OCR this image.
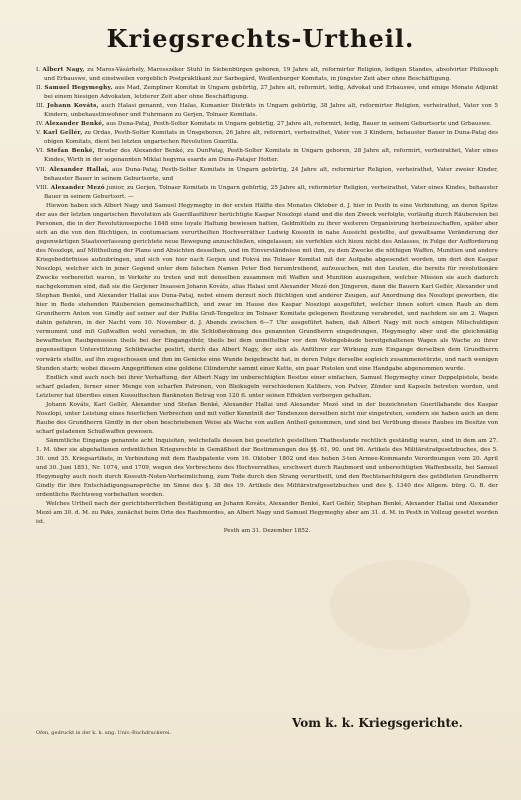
Kriegsrechts-Urtheil.

I. Albert Nagy, zu Maros-Vásárhely, Marosszéker Stuhl in Siebenbürgen geboren, 19 Jahre alt, reformirter Religion, ledigen Standes, absolvirter Philosoph und Erbauswe, und einstweilen vorgeblich Postpraktikant zur Sarbogárd, Weißenburger Komitats, in jüngster Zeit aber ohne Beschäftigung.

II. Samuel Hegymeghy, aus Mad, Zempliner Komitat in Ungarn gebürtig, 27 Jahre alt, reformirt, ledig, Advokat und Erbauswe, und einige Monate Adjunkt bei einem hiesigen Advokaten, letzterer Zeit aber ohne Beschäftigung.

III. Johann Kováts, auch Halasi genannt, von Halas, Kumanier Distrikts in Ungarn gebürtig, 38 Jahre alt, reformirter Religion, verheirathet, Vater von 5 Kindern, unbehaustinwohner und Fuhrmann zu Gerjen, Tolnaer Komitats.

IV. Alexander Benké, aus Duna-Pataj, Pesth-Solter Komitats in Ungarn gebürtig, 27 Jahre alt, reformirt, ledig, Bauer in seinem Geburtsorte und Grbauswe.

V. Karl Gellér, zu Ordas, Pesth-Solter Komitats in Unsgeboren, 26 Jahre alt, reformirt, verheirathet, Vater von 3 Kindern, behauster Bauer in Duna-Pataj des obigen Komitats, dient bei letzten ungarischen Revolution Guerilla.

VI. Stefan Benké, Bruder des Alexander Benké, zu DunPataj, Pesth-Solter Komitats in Ungarn geboren, 28 Jahre alt, reformirt, verheirathet, Vater eines Kindes, Wirth in der sogenannten Miklai hegyma esards am Duna-Patajer Hotter.

VII. Alexander Hallai, aus Duna-Pataj, Pesth-Solter Komitats in Ungarn gebürtig, 24 Jahre alt, reformirter Religion, verheirathet, Vater zweier Kinder, behauster Bauer in seinem Geburtsorte, und

VIII. Alexander Mezó junior, zu Gerjen, Tolnaer Komitats in Ungarn gebürtig, 25 Jahre alt, reformirter Religion, verheirathet, Vater eines Kindes, behauster Bauer in seinem Geburtsort. —

Hiewon haben sich Albert Nagy und Samuel Hegymeghy in der ersten Hälfte des Monates Oktober d. J. hier in Pesth in eine Verbindung, an deren Spitze der aus der letzten ungarischen Revolution als Guerillasführer berüchtigte Kaspar Noszlopi stand und die den Zweck verfolgte, vorläufig durch Räubereien bei Personen, die in der Revolutionsepoche 1848 eine loyale Haltung bewiesen hatten, Geldmitteln zu ihrer weiteren Organisirung herbeizuschaffen, später aber sich an die von den flüchtigen, in contumaciam verurtheilten Hochverräther Ludwig Kossuth in nahe Aussicht gestellte, auf gewaltsame Veränderung der gegenwärtigen Staatsverfassung gerichtete neue Bewegung anzuschließen, eingelassen; sie verfehlen sich hiezu nicht des Anlasses, in Folge der Aufforderung des Noszlopi, auf Mittheilung der Plane und Absichten desselben, und im Einverständnisse mit ihm, zu dem Zwecke die nöthigen Waffen, Munition und andere Kriegsbedürfnisse aufzubringen, und sich von hier nach Gerjen und Fokvá ins Tolnaer Komitat mit der Aufgabe abgesendet worden, um dort den Kaspar Noszlopi, welcher sich in jener Gegend unter dem falschen Namen Peter Bod herumtreibend, aufzusuchen, mit den Leuten, die bereits für revolutionäre Zwecke vorbereitet waren, in Verkehr zu treten und mit denselben zusammen mit Waffen und Munition auszugehen, welcher Mission sie auch dadurch nachgekommen sind, daß sie die Gerjener Insassen Johann Kováts, alias Halasi und Alexander Mezó den Jüngeren, dann die Bauern Karl Gellér, Alexander und Stephan Benké, und Alexander Hallai aus Duna-Pataj, nebst einem derzeit noch flüchtigen und anderer Zeugen, auf Anordnung des Noszlopi geworben, die hier in Rede stehenden Räubereien gemeinschaftlich, und zwar im Hause des Kaspar Noszlopi ausgeführt, welcher ihnen sofort einen Raub an dem Grundherrn Anton von Gindly auf seiner auf der Pußta Groß-Tengelicz im Tolnaer Komitate gelegenen Besitzung verabredet, und nachdem sie am 2. Wagen dahin gefahren, in der Nacht vom 10. November d. J. Abends zwischen 6—7 Uhr ausgeführt haben, daß Albert Nagy mit noch einigen Mitschuldigen vermummt und mit Gußwaffen wohl versehen, in die Schloßwohnung des genannten Grundherrn eingedrungen, Hegymeghy aber und die gleichmäßig bewaffneten Raubgenossen theils bei der Eingangsthür, theils bei dem unmittelbar vor dem Wohngebäude bereitgehaltenen Wagen als Wache zu ihrer gegenseitigen Unterstützung Schildwache postirt, durch das Albert Nagy, der sich als Anführer zur Wirkung zum Eingange derselben dem Grundherrn vorwärts stellte, auf ihn zugeschossen und ihm im Genicke eine Wunde beigebracht hat, in deren Folge derselbe sogleich zusammenstürzte, und nach wenigen Stunden starb; wobei diesem Angegriffenen eine goldene Cilinderuhr sammt einer Kette, ein paar Pistolen und eine Handgabe abgenommen wurde.

Endlich sind auch noch bei ihrer Verhaftung, der Albert Nagy im unberechtigten Besitze einer einfachen, Samuel Hegymeghy einer Doppelpistole, beide scharf geladen, ferner einer Menge von scharfen Patronen, von Bleikugeln verschiedenen Kalibers, von Pulver, Zünder und Kapseln betreten worden, und Letzterer hat überdies einen Kossuthschen Banknoten Betrag von 120 fl. unter seinen Effekten verborgen gehalten.

Johann Kováts, Karl Gellér, Alexander und Stefan Benké, Alexander Hallai und Alexander Mezó sind in der bezeichneten Guerillabande des Kaspar Noszlopi, unter Leistung eines feierlichen Verbrechen und mit voller Kenntniß der Tendenzen derselben nicht nur eingetreten, sondern sie haben auch an dem Raube des Grundherrn Gindly in der oben beschriebenen Weise als Wache von außen Antheil genommen, und sind bei Verübung dieses Raubes im Besitze von scharf geladenen Schußwaffen gewesen.

Sämmtliche Eingangs genannte acht Inquisiten, welchefalls dessen bei gesetzlich gestelltem Thatbestande rechtlich geständig waren, sind in dem am 27. 1. M. über sie abgehaltenen ordentlichen Kriegsrechte in Gemäßheit der Bestimmungen des §§. 61, 90. und 96. Artikels des Militärstrafgesetzbuches, des 5. 30. und 35. Kriegsartikels, in Verbindung mit dem Raubpatente vom 16. Oktober 1802 und des hohen 3-ten Armee-Kommando Verordnungen vom 20. April und 30. Juni 1851, Nr. 1074, und 1709, wegen des Verbrechens des Hochverrathes, erschwert durch Raubmord und unberechtigten Waffenbesitz, bei Samuel Hegymeghy auch noch durch Kossuth-Noten-Verheimlichung, zum Tode durch den Strang verurtheilt, und den Rechtsnachfolgern des getödteten Grundherrn Gindly für ihre Entschädigungsansprüche im Sinne des §. 38 des 19. Artikels des Militärstrafgesetzbuches und des §. 1340 des Allgem. bürg. G. B. der ordentliche Rechtsweg vorbehalten worden.

Welches Urtheil nach der gerichtsherrlichen Bestätigung an Johann Kováts, Alexander Benké, Karl Gellér, Stephan Benké, Alexander Hallai und Alexander Mezó am 30. d. M. zu Paks, zunächst beim Orte des Raubmordes, an Albert Nagy und Samuel Hegymeghy aber am 31. d. M. in Pesth in Vollzug gesetzt worden ist.

Pesth am 31. Dezember 1852.

Ofen, gedruckt in der k. k. ung. Univ.-Buchdruckerei.
Vom k. k. Kriegsgerichte.
